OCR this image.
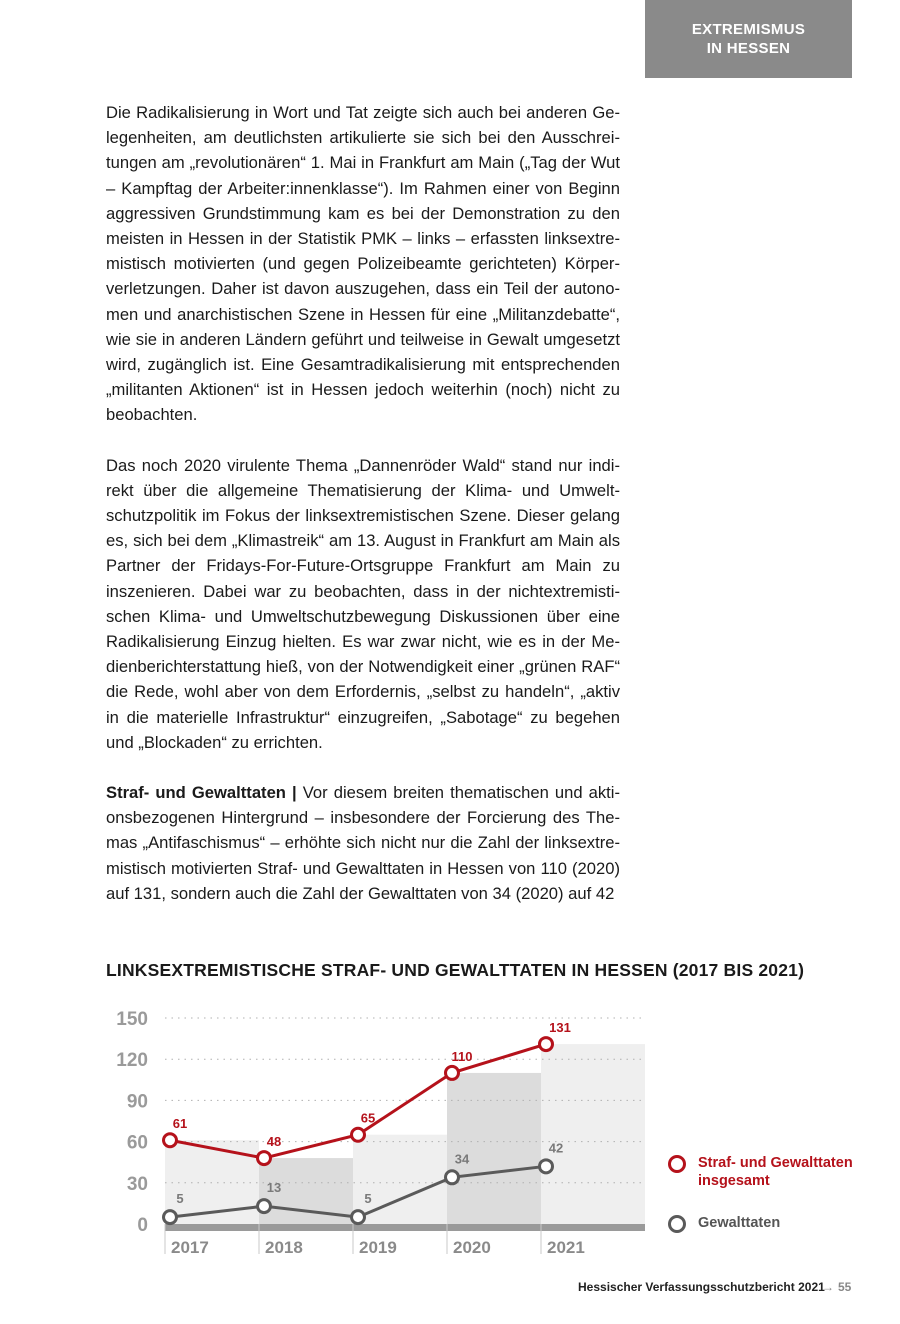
EXTREMISMUS
IN HESSEN

Die Radikalisierung in Wort und Tat zeigte sich auch bei anderen Gelegenheiten, am deutlichsten artikulierte sie sich bei den Ausschreitungen am „revolutionären“ 1. Mai in Frankfurt am Main („Tag der Wut – Kampftag der Arbeiter:innenklasse“). Im Rahmen einer von Beginn aggressiven Grundstimmung kam es bei der Demonstration zu den meisten in Hessen in der Statistik PMK – links – erfassten linksextremistisch motivierten (und gegen Polizeibeamte gerichteten) Körperverletzungen. Daher ist davon auszugehen, dass ein Teil der autonomen und anarchistischen Szene in Hessen für eine „Militanzdebatte“, wie sie in anderen Ländern geführt und teilweise in Gewalt umgesetzt wird, zugänglich ist. Eine Gesamtradikalisierung mit entsprechenden „militanten Aktionen“ ist in Hessen jedoch weiterhin (noch) nicht zu beobachten.

Das noch 2020 virulente Thema „Dannenröder Wald“ stand nur indirekt über die allgemeine Thematisierung der Klima- und Umweltschutzpolitik im Fokus der linksextremistischen Szene. Dieser gelang es, sich bei dem „Klimastreik“ am 13. August in Frankfurt am Main als Partner der Fridays-For-Future-Ortsgruppe Frankfurt am Main zu inszenieren. Dabei war zu beobachten, dass in der nichtextremistischen Klima- und Umweltschutzbewegung Diskussionen über eine Radikalisierung Einzug hielten. Es war zwar nicht, wie es in der Medienberichterstattung hieß, von der Notwendigkeit einer „grünen RAF“ die Rede, wohl aber von dem Erfordernis, „selbst zu handeln“, „aktiv in die materielle Infrastruktur“ einzugreifen, „Sabotage“ zu begehen und „Blockaden“ zu errichten.

Straf- und Gewalttaten | Vor diesem breiten thematischen und aktionsbezogenen Hintergrund – insbesondere der Forcierung des Themas „Antifaschismus“ – erhöhte sich nicht nur die Zahl der linksextremistisch motivierten Straf- und Gewalttaten in Hessen von 110 (2020) auf 131, sondern auch die Zahl der Gewalttaten von 34 (2020) auf 42

LINKSEXTREMISTISCHE STRAF- UND GEWALTTATEN IN HESSEN (2017 BIS 2021)
0
30
60
90
120
150
2017	2018	2019	2020	2021
61
48
65
110
131
5
13
5
34
42
Straf- und Gewalttaten insgesamt
Gewalttaten
Hessischer Verfassungsschutzbericht 2021
→ 55
